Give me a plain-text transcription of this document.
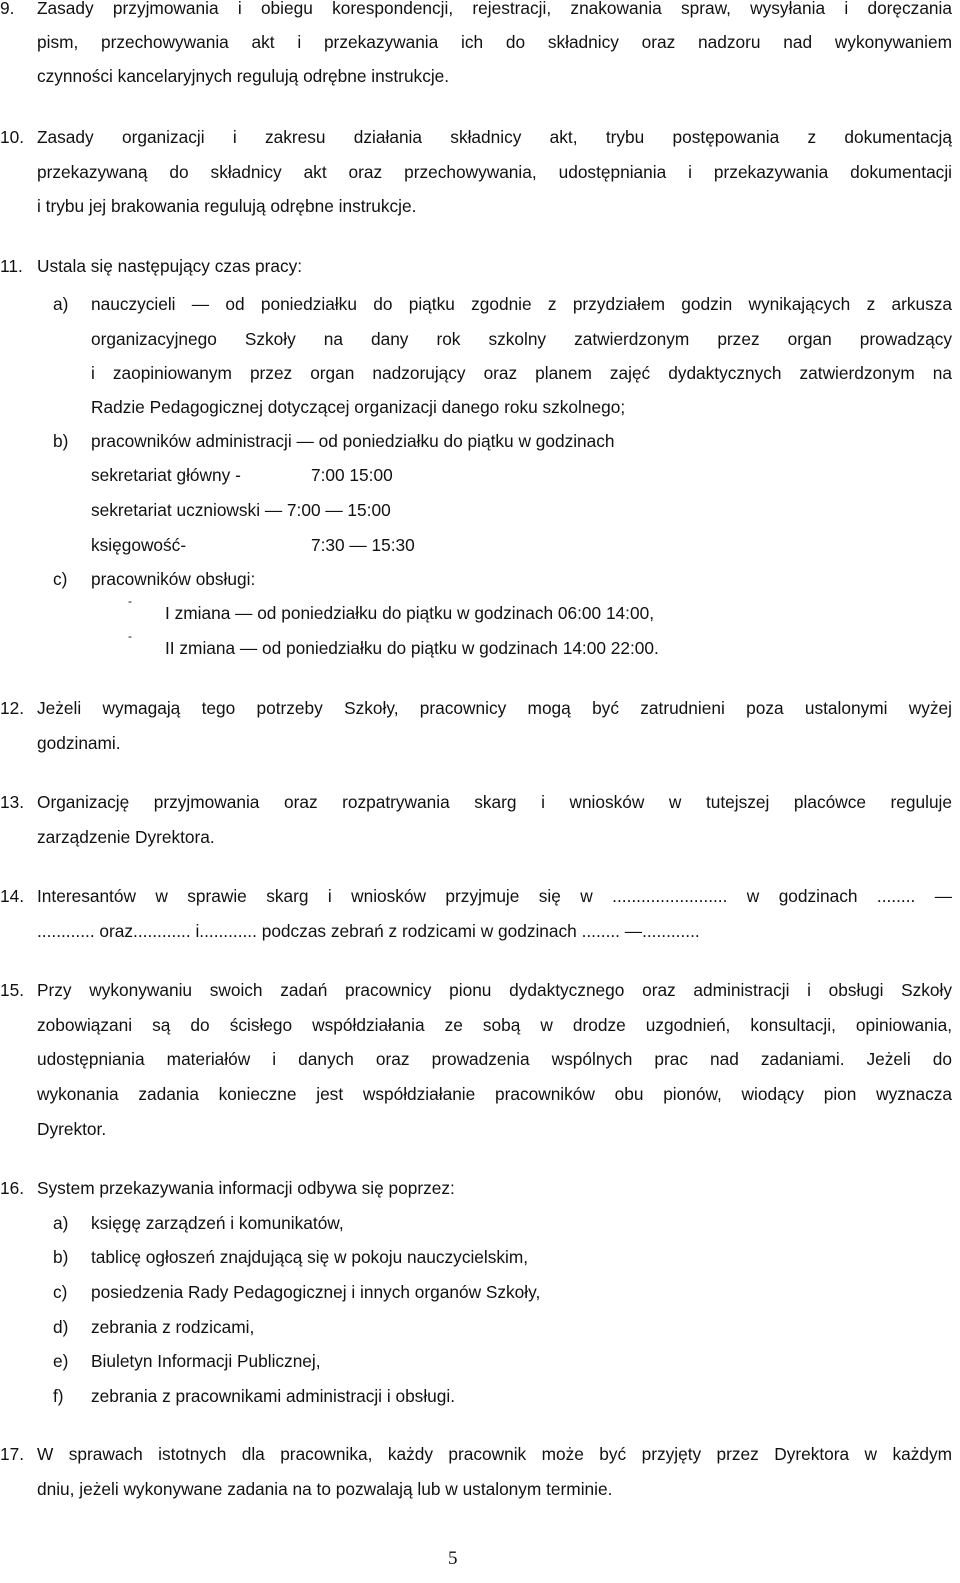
9. Zasady przyjmowania i obiegu korespondencji, rejestracji, znakowania spraw, wysyłania i doręczania
pism, przechowywania akt i przekazywania ich do składnicy oraz nadzoru nad wykonywaniem
czynności kancelaryjnych regulują odrębne instrukcje.
10. Zasady organizacji i zakresu działania składnicy akt, trybu postępowania z dokumentacją
przekazywaną do składnicy akt oraz przechowywania, udostępniania i przekazywania dokumentacji
i trybu jej brakowania regulują odrębne instrukcje.
11. Ustala się następujący czas pracy:
a) nauczycieli — od poniedziałku do piątku zgodnie z przydziałem godzin wynikających z arkusza
organizacyjnego Szkoły na dany rok szkolny zatwierdzonym przez organ prowadzący
i zaopiniowanym przez organ nadzorujący oraz planem zajęć dydaktycznych zatwierdzonym na
Radzie Pedagogicznej dotyczącej organizacji danego roku szkolnego;
b) pracowników administracji — od poniedziałku do piątku w godzinach
sekretariat główny -	7:00 15:00
sekretariat uczniowski — 7:00 — 15:00
księgowość-	7:30 — 15:30
c) pracowników obsługi:
-
I zmiana — od poniedziałku do piątku w godzinach 06:00 14:00,
-
II zmiana — od poniedziałku do piątku w godzinach 14:00 22:00.
12. Jeżeli wymagają tego potrzeby Szkoły, pracownicy mogą być zatrudnieni poza ustalonymi wyżej
godzinami.
13. Organizację przyjmowania oraz rozpatrywania skarg i wniosków w tutejszej placówce reguluje
zarządzenie Dyrektora.
14. Interesantów w sprawie skarg i wniosków przyjmuje się w ........................ w godzinach ........ —
............ oraz............ i............ podczas zebrań z rodzicami w godzinach ........ —............
15. Przy wykonywaniu swoich zadań pracownicy pionu dydaktycznego oraz administracji i obsługi Szkoły
zobowiązani są do ścisłego współdziałania ze sobą w drodze uzgodnień, konsultacji, opiniowania,
udostępniania materiałów i danych oraz prowadzenia wspólnych prac nad zadaniami. Jeżeli do
wykonania zadania konieczne jest współdziałanie pracowników obu pionów, wiodący pion wyznacza
Dyrektor.
16. System przekazywania informacji odbywa się poprzez:
a) księgę zarządzeń i komunikatów,
b) tablicę ogłoszeń znajdującą się w pokoju nauczycielskim,
c) posiedzenia Rady Pedagogicznej i innych organów Szkoły,
d) zebrania z rodzicami,
e) Biuletyn Informacji Publicznej,
f) zebrania z pracownikami administracji i obsługi.
17. W sprawach istotnych dla pracownika, każdy pracownik może być przyjęty przez Dyrektora w każdym
dniu, jeżeli wykonywane zadania na to pozwalają lub w ustalonym terminie.
5
